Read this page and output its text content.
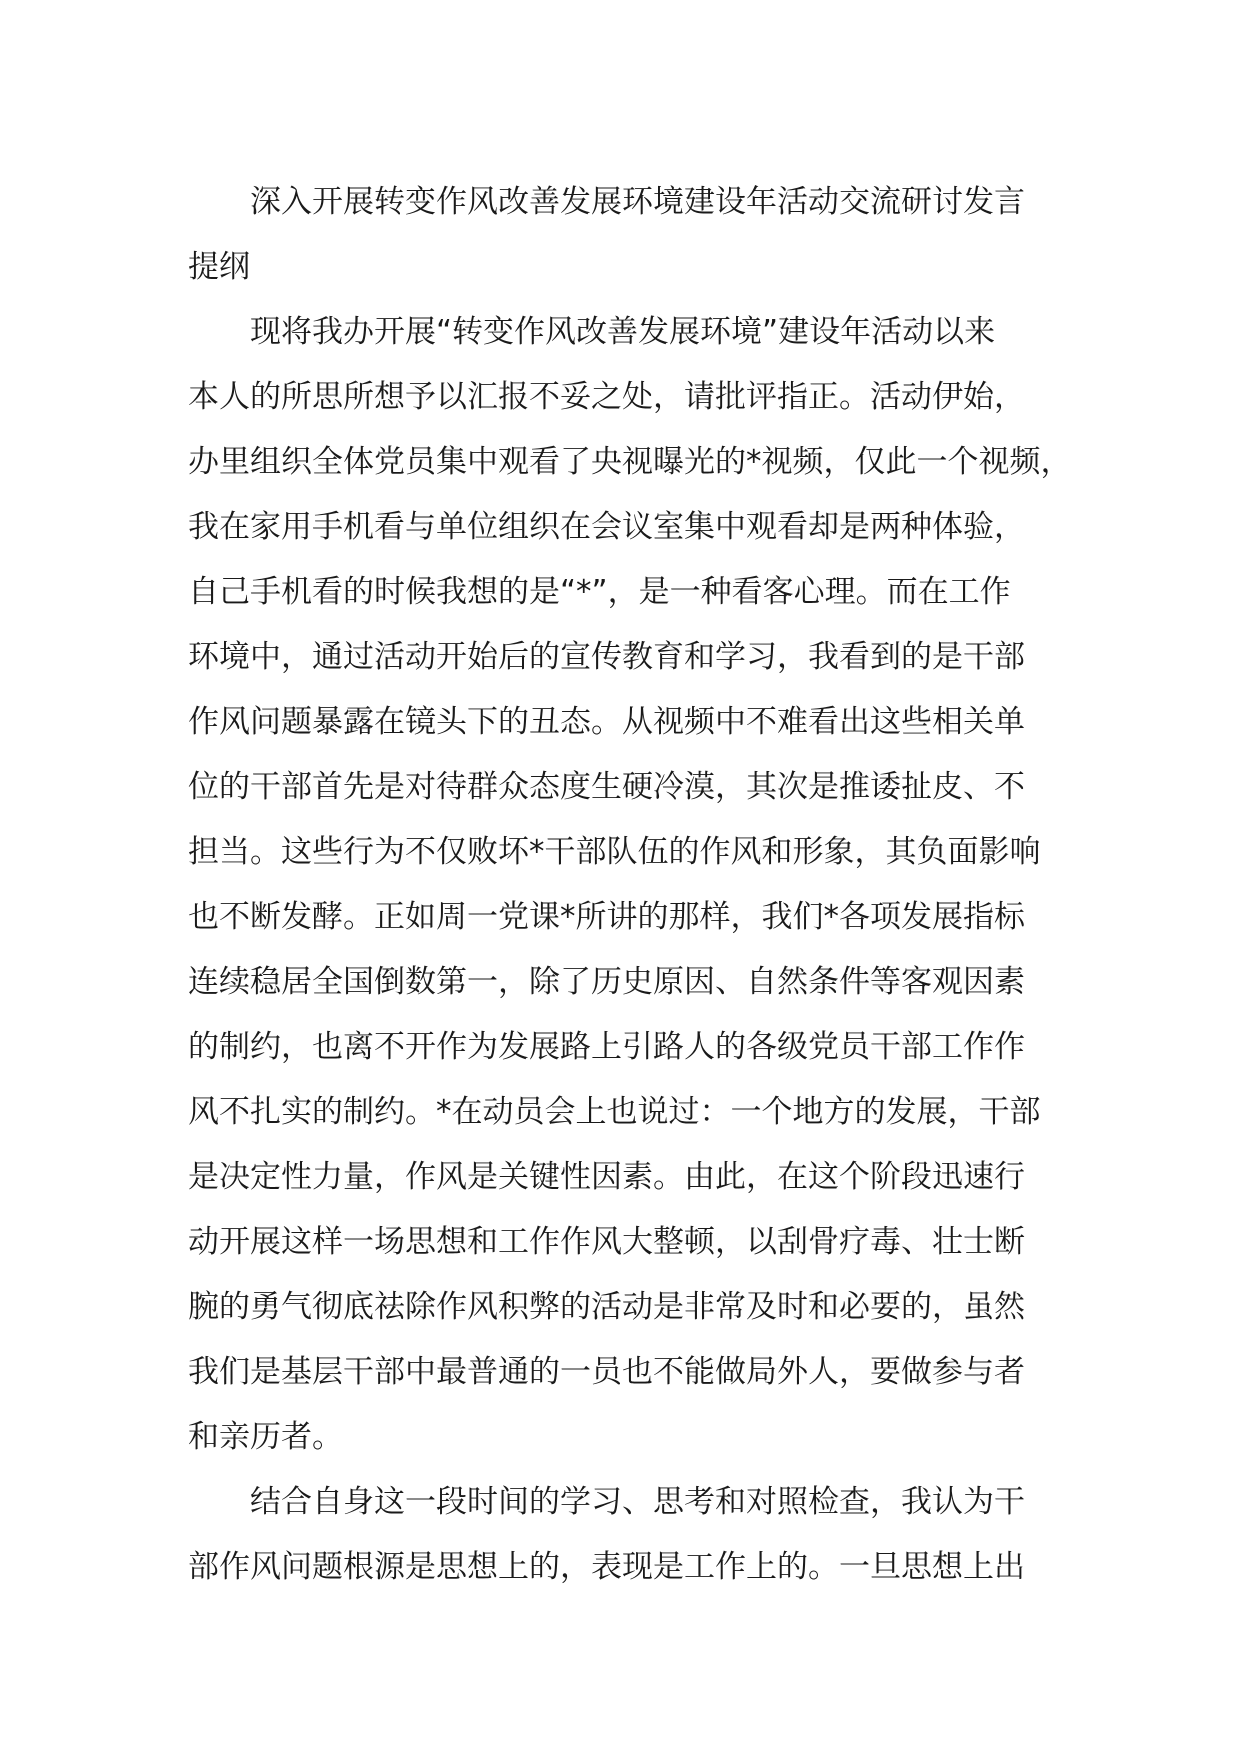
深入开展转变作风改善发展环境建设年活动交流研讨发言
提纲

现将我办开展“转变作风改善发展环境”建设年活动以来
本人的所思所想予以汇报不妥之处，请批评指正。活动伊始，
办里组织全体党员集中观看了央视曝光的*视频，仅此一个视频，
我在家用手机看与单位组织在会议室集中观看却是两种体验，
自己手机看的时候我想的是“*”，是一种看客心理。而在工作
环境中，通过活动开始后的宣传教育和学习，我看到的是干部
作风问题暴露在镜头下的丑态。从视频中不难看出这些相关单
位的干部首先是对待群众态度生硬冷漠，其次是推诿扯皮、不
担当。这些行为不仅败坏*干部队伍的作风和形象，其负面影响
也不断发酵。正如周一党课*所讲的那样，我们*各项发展指标
连续稳居全国倒数第一，除了历史原因、自然条件等客观因素
的制约，也离不开作为发展路上引路人的各级党员干部工作作
风不扎实的制约。*在动员会上也说过：一个地方的发展，干部
是决定性力量，作风是关键性因素。由此，在这个阶段迅速行
动开展这样一场思想和工作作风大整顿，以刮骨疗毒、壮士断
腕的勇气彻底祛除作风积弊的活动是非常及时和必要的，虽然
我们是基层干部中最普通的一员也不能做局外人，要做参与者
和亲历者。

结合自身这一段时间的学习、思考和对照检查，我认为干
部作风问题根源是思想上的，表现是工作上的。一旦思想上出
